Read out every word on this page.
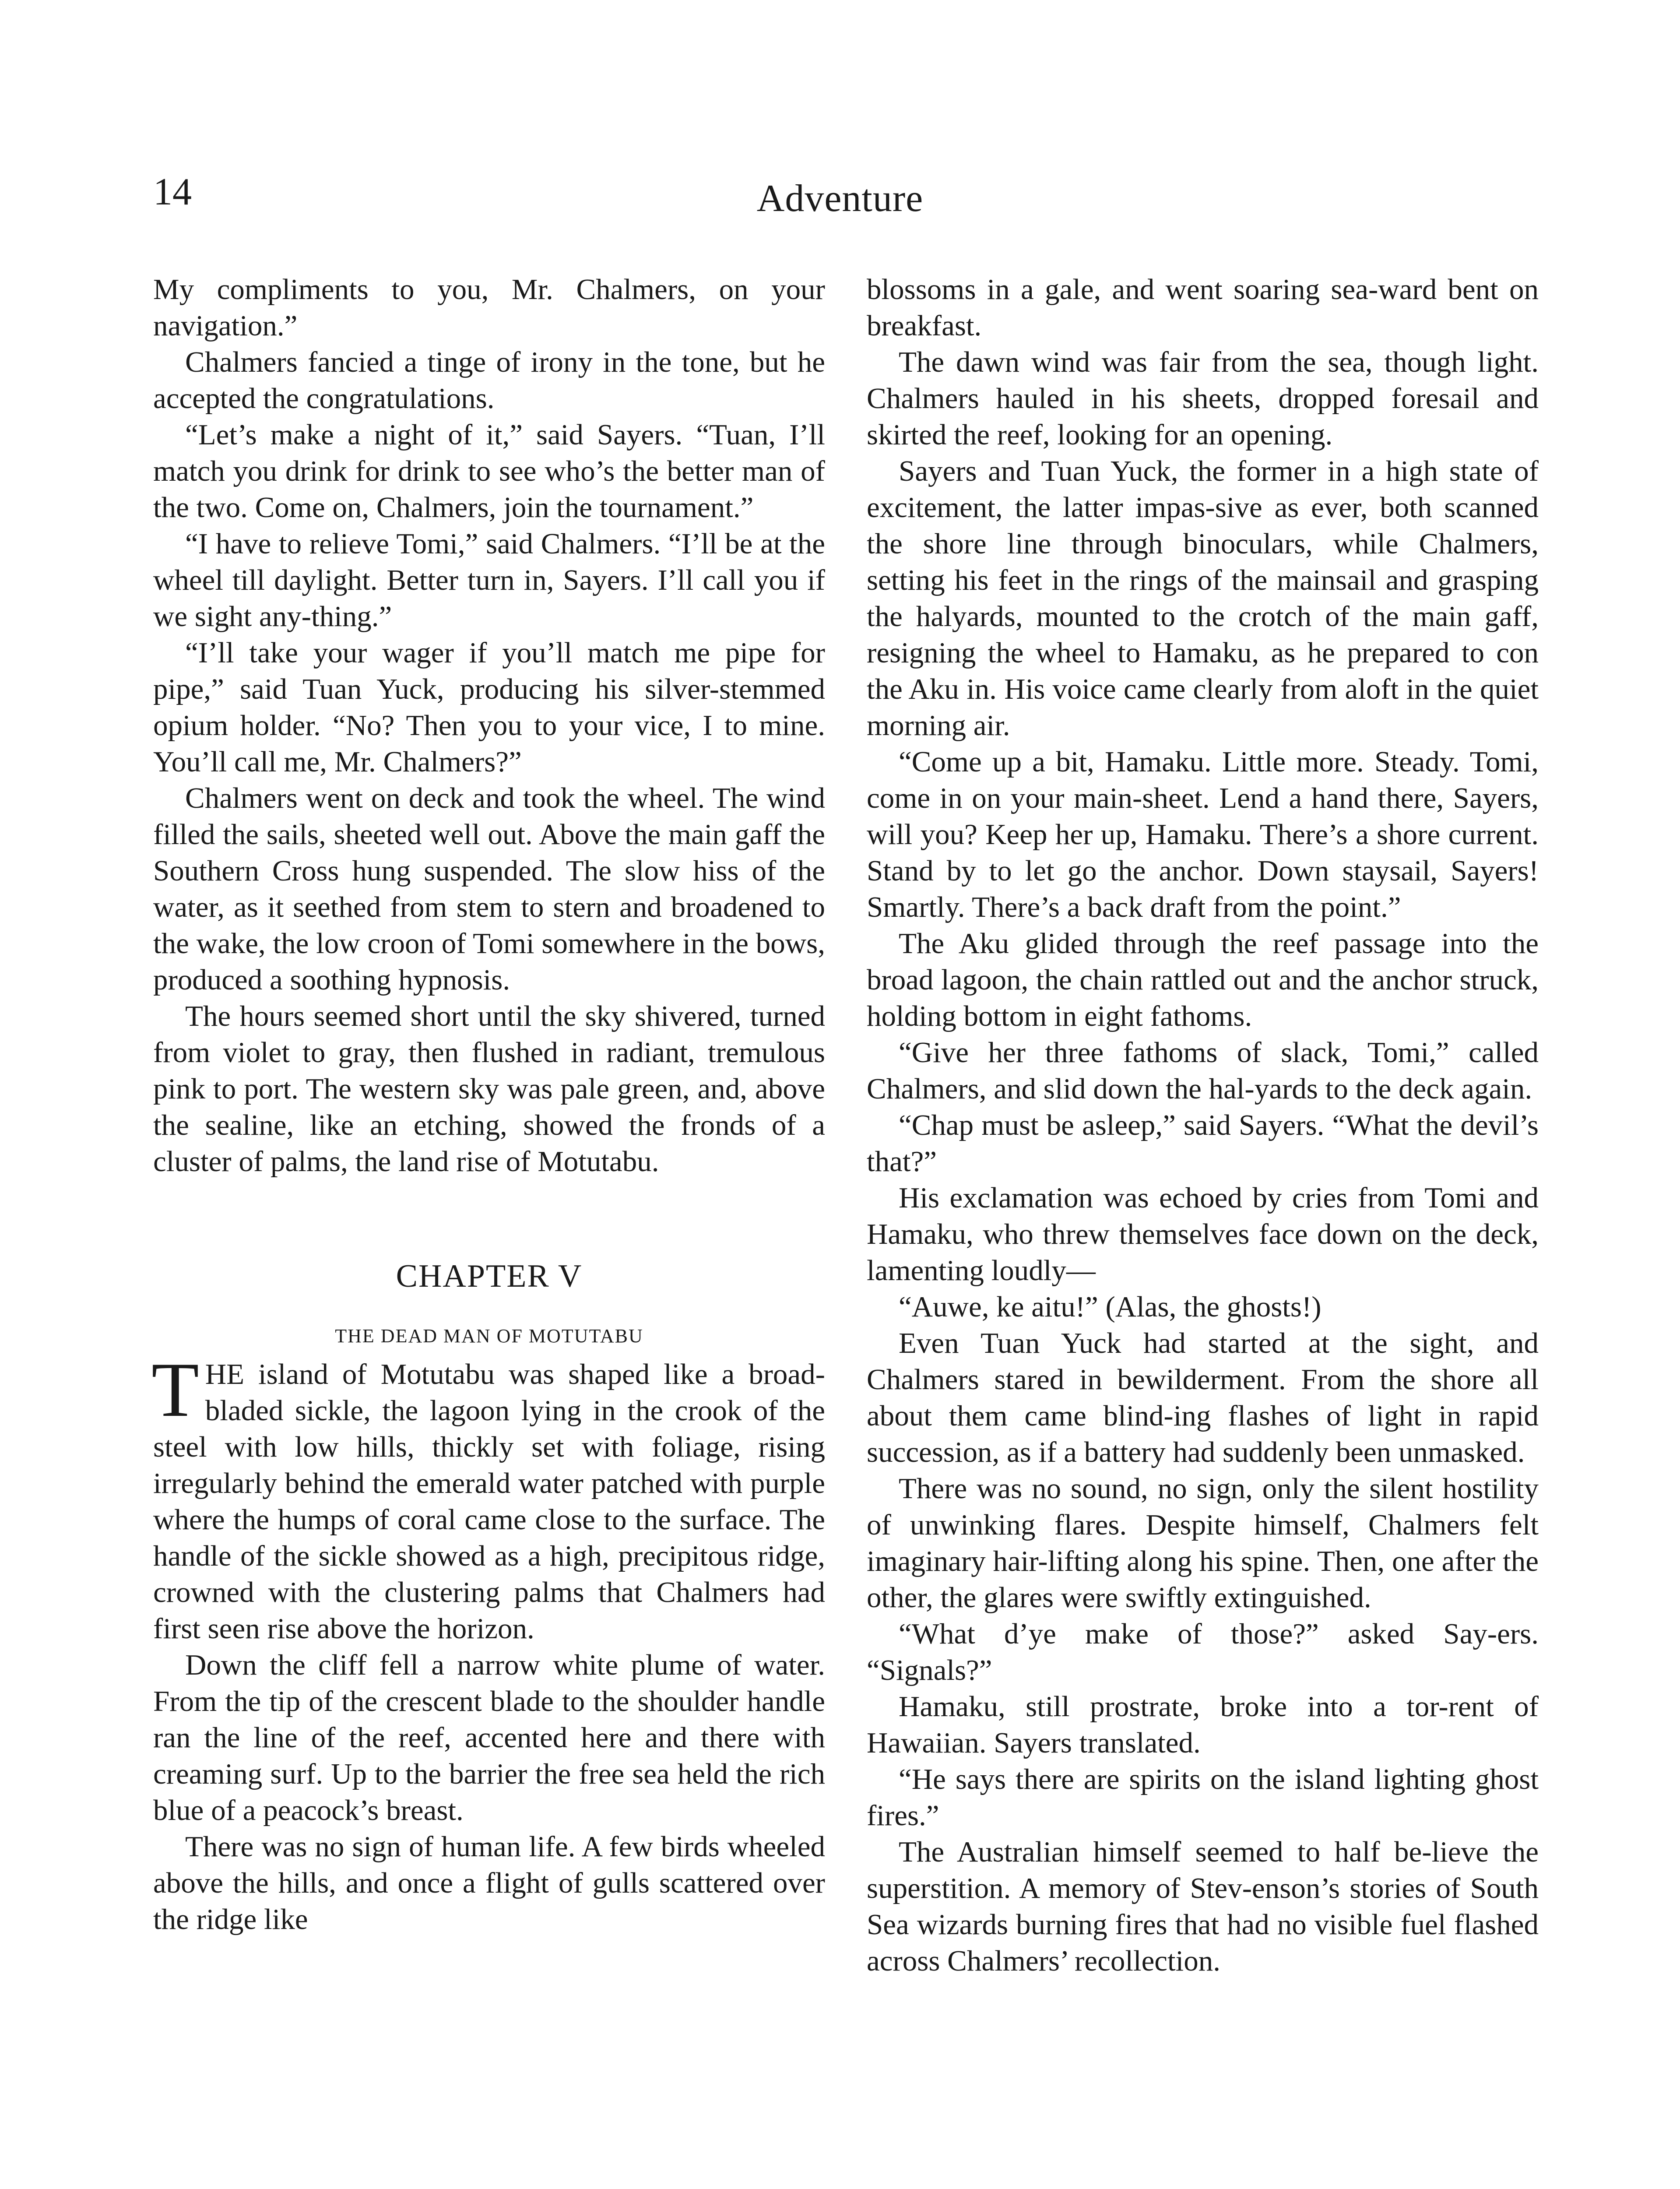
14	Adventure

My compliments to you, Mr. Chalmers, on your navigation.”

Chalmers fancied a tinge of irony in the tone, but he accepted the congratulations.

“Let’s make a night of it,” said Sayers. “Tuan, I’ll match you drink for drink to see who’s the better man of the two. Come on, Chalmers, join the tournament.”

“I have to relieve Tomi,” said Chalmers. “I’ll be at the wheel till daylight. Better turn in, Sayers. I’ll call you if we sight any-thing.”

“I’ll take your wager if you’ll match me pipe for pipe,” said Tuan Yuck, producing his silver-stemmed opium holder. “No? Then you to your vice, I to mine. You’ll call me, Mr. Chalmers?”

Chalmers went on deck and took the wheel. The wind filled the sails, sheeted well out. Above the main gaff the Southern Cross hung suspended. The slow hiss of the water, as it seethed from stem to stern and broadened to the wake, the low croon of Tomi somewhere in the bows, produced a soothing hypnosis.

The hours seemed short until the sky shivered, turned from violet to gray, then flushed in radiant, tremulous pink to port. The western sky was pale green, and, above the sealine, like an etching, showed the fronds of a cluster of palms, the land rise of Motutabu.

CHAPTER V
THE DEAD MAN OF MOTUTABU

THE island of Motutabu was shaped like a broad-bladed sickle, the lagoon lying in the crook of the steel with low hills, thickly set with foliage, rising irregularly behind the emerald water patched with purple where the humps of coral came close to the surface. The handle of the sickle showed as a high, precipitous ridge, crowned with the clustering palms that Chalmers had first seen rise above the horizon.

Down the cliff fell a narrow white plume of water. From the tip of the crescent blade to the shoulder handle ran the line of the reef, accented here and there with creaming surf. Up to the barrier the free sea held the rich blue of a peacock’s breast.

There was no sign of human life. A few birds wheeled above the hills, and once a flight of gulls scattered over the ridge like

blossoms in a gale, and went soaring sea-ward bent on breakfast.

The dawn wind was fair from the sea, though light. Chalmers hauled in his sheets, dropped foresail and skirted the reef, looking for an opening.

Sayers and Tuan Yuck, the former in a high state of excitement, the latter impas-sive as ever, both scanned the shore line through binoculars, while Chalmers, setting his feet in the rings of the mainsail and grasping the halyards, mounted to the crotch of the main gaff, resigning the wheel to Hamaku, as he prepared to con the Aku in. His voice came clearly from aloft in the quiet morning air.

“Come up a bit, Hamaku. Little more. Steady. Tomi, come in on your main-sheet. Lend a hand there, Sayers, will you? Keep her up, Hamaku. There’s a shore current. Stand by to let go the anchor. Down staysail, Sayers! Smartly. There’s a back draft from the point.”

The Aku glided through the reef passage into the broad lagoon, the chain rattled out and the anchor struck, holding bottom in eight fathoms.

“Give her three fathoms of slack, Tomi,” called Chalmers, and slid down the hal-yards to the deck again.

“Chap must be asleep,” said Sayers. “What the devil’s that?”

His exclamation was echoed by cries from Tomi and Hamaku, who threw themselves face down on the deck, lamenting loudly—

“Auwe, ke aitu!” (Alas, the ghosts!)

Even Tuan Yuck had started at the sight, and Chalmers stared in bewilderment. From the shore all about them came blind-ing flashes of light in rapid succession, as if a battery had suddenly been unmasked.

There was no sound, no sign, only the silent hostility of unwinking flares. Despite himself, Chalmers felt imaginary hair-lifting along his spine. Then, one after the other, the glares were swiftly extinguished.

“What d’ye make of those?” asked Say-ers. “Signals?”

Hamaku, still prostrate, broke into a tor-rent of Hawaiian. Sayers translated.

“He says there are spirits on the island lighting ghost fires.”

The Australian himself seemed to half be-lieve the superstition. A memory of Stev-enson’s stories of South Sea wizards burning fires that had no visible fuel flashed across Chalmers’ recollection.
